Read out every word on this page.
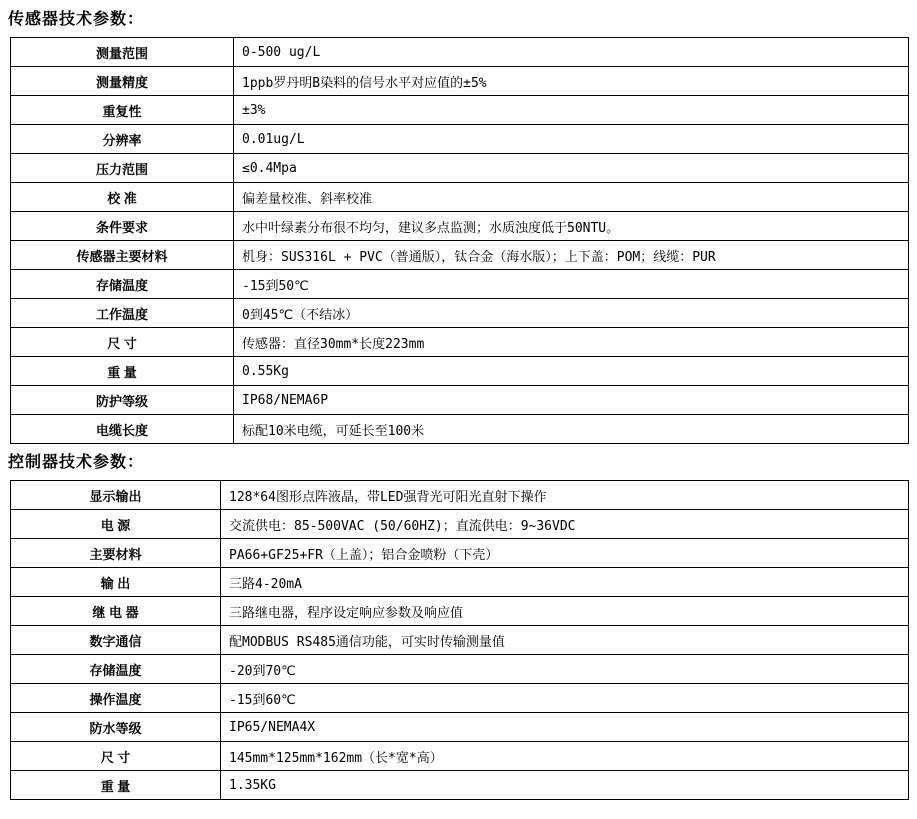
传感器技术参数：
测量范围	0-500 ug/L
测量精度	1ppb罗丹明B染料的信号水平对应值的±5%
重复性	±3%
分辨率	0.01ug/L
压力范围	≤0.4Mpa
校 准	偏差量校准、斜率校准
条件要求	水中叶绿素分布很不均匀，建议多点监测；水质浊度低于50NTU。
传感器主要材料	机身：SUS316L + PVC（普通版），钛合金（海水版）；上下盖：POM；线缆：PUR
存储温度	-15到50℃
工作温度	0到45℃（不结冰）
尺 寸	传感器：直径30mm*长度223mm
重 量	0.55Kg
防护等级	IP68/NEMA6P
电缆长度	标配10米电缆，可延长至100米
控制器技术参数：
显示输出	128*64图形点阵液晶，带LED强背光可阳光直射下操作
电 源	交流供电：85-500VAC (50/60HZ)；直流供电：9~36VDC
主要材料	PA66+GF25+FR（上盖）；铝合金喷粉（下壳）
输 出	三路4-20mA
继 电 器	三路继电器，程序设定响应参数及响应值
数字通信	配MODBUS RS485通信功能，可实时传输测量值
存储温度	-20到70℃
操作温度	-15到60℃
防水等级	IP65/NEMA4X
尺 寸	145mm*125mm*162mm（长*宽*高）
重 量	1.35KG
